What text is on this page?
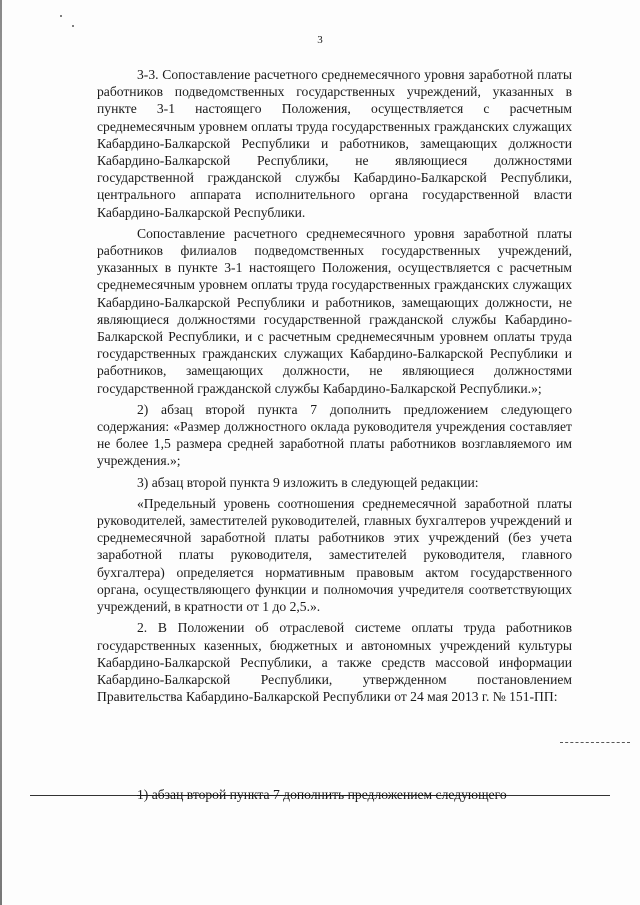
3

3-3. Сопоставление расчетного среднемесячного уровня заработной платы работников подведомственных государственных учреждений, указанных в пункте 3-1 настоящего Положения, осуществляется с расчетным среднемесячным уровнем оплаты труда государственных гражданских служащих Кабардино-Балкарской Республики и работников, замещающих должности Кабардино-Балкарской Республики, не являющиеся должностями государственной гражданской службы Кабардино-Балкарской Республики, центрального аппарата исполнительного органа государственной власти Кабардино-Балкарской Республики.

Сопоставление расчетного среднемесячного уровня заработной платы работников филиалов подведомственных государственных учреждений, указанных в пункте 3-1 настоящего Положения, осуществляется с расчетным среднемесячным уровнем оплаты труда государственных гражданских служащих Кабардино-Балкарской Республики и работников, замещающих должности, не являющиеся должностями государственной гражданской службы Кабардино-Балкарской Республики, и с расчетным среднемесячным уровнем оплаты труда государственных гражданских служащих Кабардино-Балкарской Республики и работников, замещающих должности, не являющиеся должностями государственной гражданской службы Кабардино-Балкарской Республики.»;

2) абзац второй пункта 7 дополнить предложением следующего содержания: «Размер должностного оклада руководителя учреждения составляет не более 1,5 размера средней заработной платы работников возглавляемого им учреждения.»;

3) абзац второй пункта 9 изложить в следующей редакции:

«Предельный уровень соотношения среднемесячной заработной платы руководителей, заместителей руководителей, главных бухгалтеров учреждений и среднемесячной заработной платы работников этих учреждений (без учета заработной платы руководителя, заместителей руководителя, главного бухгалтера) определяется нормативным правовым актом государственного органа, осуществляющего функции и полномочия учредителя соответствующих учреждений, в кратности от 1 до 2,5.».

2. В Положении об отраслевой системе оплаты труда работников государственных казенных, бюджетных и автономных учреждений культуры Кабардино-Балкарской Республики, а также средств массовой информации Кабардино-Балкарской Республики, утвержденном постановлением Правительства Кабардино-Балкарской Республики от 24 мая 2013 г. № 151-ПП:

1) абзац второй пункта 7 дополнить предложением следующего
